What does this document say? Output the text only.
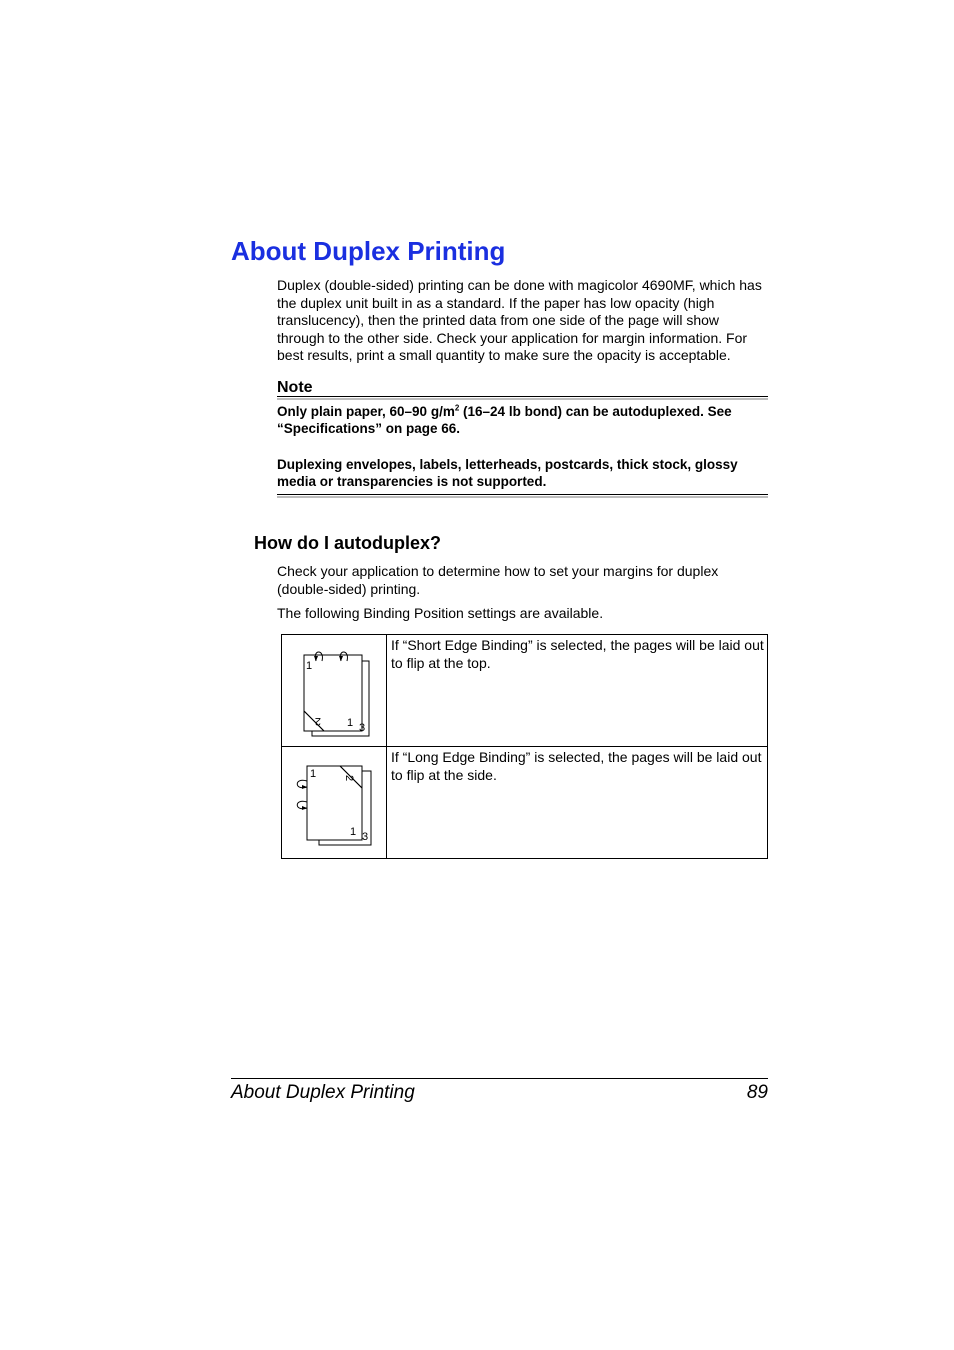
About Duplex Printing

Duplex (double-sided) printing can be done with magicolor 4690MF, which has the duplex unit built in as a standard. If the paper has low opacity (high translucency), then the printed data from one side of the page will show through to the other side. Check your application for margin information. For best results, print a small quantity to make sure the opacity is acceptable.

Note

Only plain paper, 60–90 $g/m^2$ (16–24 lb bond) can be autoduplexed. See “Specifications” on page 66.

Duplexing envelopes, labels, letterheads, postcards, thick stock, glossy media or transparencies is not supported.

How do I autoduplex?

Check your application to determine how to set your margins for duplex (double-sided) printing.

The following Binding Position settings are available.

1
2 1 3	If “Short Edge Binding” is selected, the pages will be laid out to flip at the top.

1 2
1 3	If “Long Edge Binding” is selected, the pages will be laid out to flip at the side.

About Duplex Printing	89
